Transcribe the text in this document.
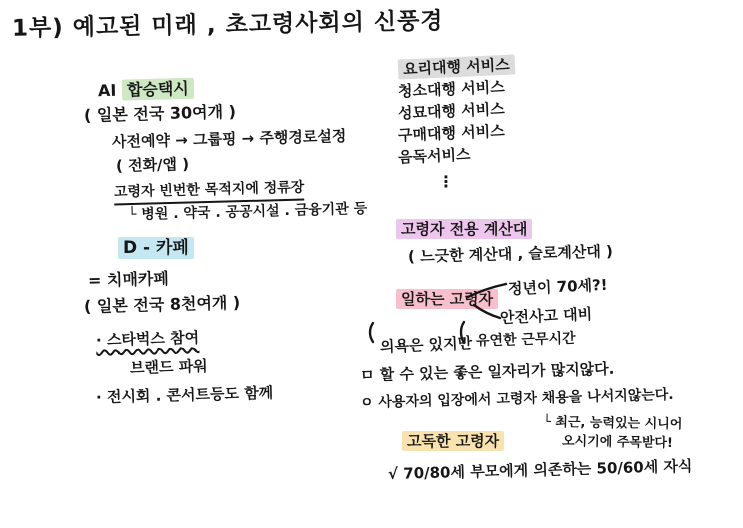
1부) 예고된 미래 , 초고령사회의 신풍경
AI 합승택시
( 일본 전국 30여개 )
사전예약 → 그룹핑 → 주행경로설정
( 전화/앱 )
고령자 빈번한 목적지에 정류장
└ 병원 . 약국 . 공공시설 . 금융기관 등
요리대행 서비스
청소대행 서비스
성묘대행 서비스
구매대행 서비스
음독서비스
⋮
D - 카페
= 치매카페
( 일본 전국 8천여개 )
· 스타벅스 참여
브랜드 파워
· 전시회 . 콘서트등도 함께
고령자 전용 계산대
( 느긋한 계산대 , 슬로계산대 )
일하는 고령자
정년이 70세?!
안전사고 대비
유연한 근무시간
의욕은 있지만
ㅁ 할 수 있는 좋은 일자리가 많지않다.
ㅇ 사용자의 입장에서 고령자 채용을 나서지않는다.
└ 최근, 능력있는 시니어
오시기에 주목받다!
고독한 고령자
√ 70/80세 부모에게 의존하는 50/60세 자식
